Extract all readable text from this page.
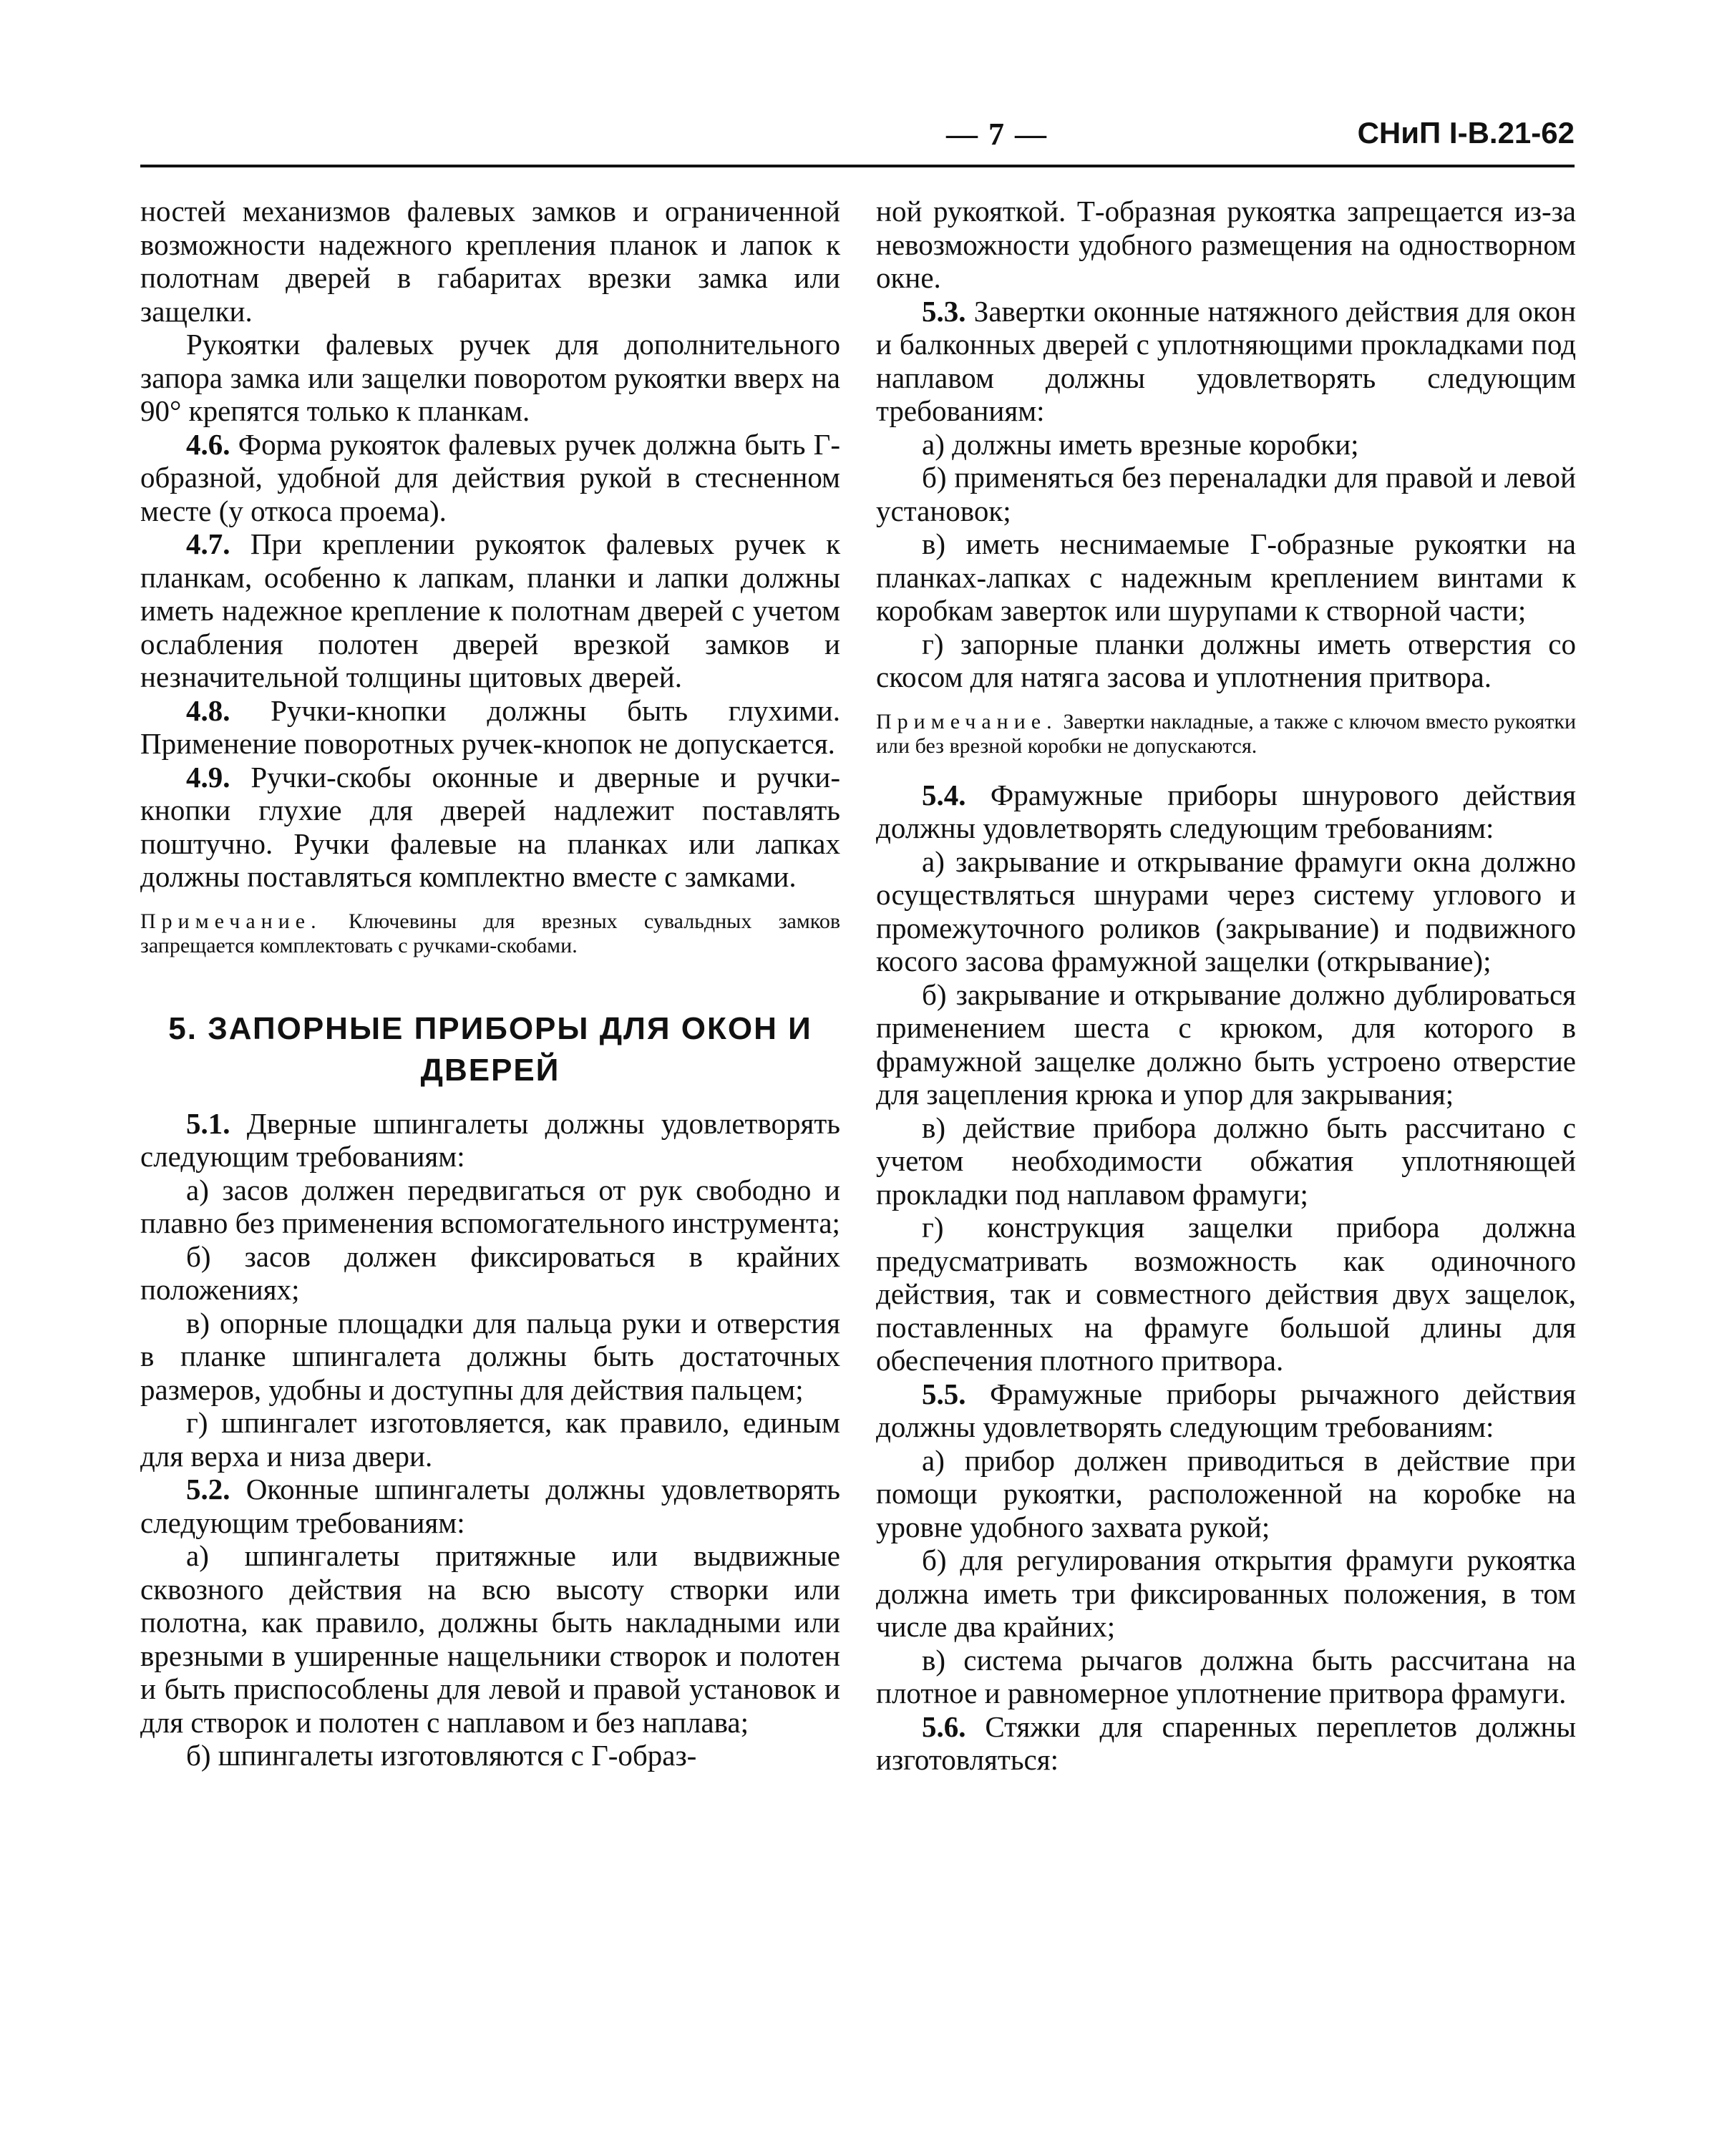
— 7 —	СНиП I-В.21-62

ностей механизмов фалевых замков и ограниченной возможности надежного крепления планок и лапок к полотнам дверей в габаритах врезки замка или защелки.

Рукоятки фалевых ручек для дополнительного запора замка или защелки поворотом рукоятки вверх на 90° крепятся только к планкам.

4.6. Форма рукояток фалевых ручек должна быть Г-образной, удобной для действия рукой в стесненном месте (у откоса проема).

4.7. При креплении рукояток фалевых ручек к планкам, особенно к лапкам, планки и лапки должны иметь надежное крепление к полотнам дверей с учетом ослабления полотен дверей врезкой замков и незначительной толщины щитовых дверей.

4.8. Ручки-кнопки должны быть глухими. Применение поворотных ручек-кнопок не допускается.

4.9. Ручки-скобы оконные и дверные и ручки-кнопки глухие для дверей надлежит поставлять поштучно. Ручки фалевые на планках или лапках должны поставляться комплектно вместе с замками.

Примечание. Ключевины для врезных сувальдных замков запрещается комплектовать с ручками-скобами.

5. ЗАПОРНЫЕ ПРИБОРЫ ДЛЯ ОКОН И ДВЕРЕЙ

5.1. Дверные шпингалеты должны удовлетворять следующим требованиям:

а) засов должен передвигаться от рук свободно и плавно без применения вспомогательного инструмента;

б) засов должен фиксироваться в крайних положениях;

в) опорные площадки для пальца руки и отверстия в планке шпингалета должны быть достаточных размеров, удобны и доступны для действия пальцем;

г) шпингалет изготовляется, как правило, единым для верха и низа двери.

5.2. Оконные шпингалеты должны удовлетворять следующим требованиям:

а) шпингалеты притяжные или выдвижные сквозного действия на всю высоту створки или полотна, как правило, должны быть накладными или врезными в уширенные нащельники створок и полотен и быть приспособлены для левой и правой установок и для створок и полотен с наплавом и без наплава;

б) шпингалеты изготовляются с Г-образ-

ной рукояткой. Т-образная рукоятка запрещается из-за невозможности удобного размещения на одностворном окне.

5.3. Завертки оконные натяжного действия для окон и балконных дверей с уплотняющими прокладками под наплавом должны удовлетворять следующим требованиям:

а) должны иметь врезные коробки;

б) применяться без переналадки для правой и левой установок;

в) иметь неснимаемые Г-образные рукоятки на планках-лапках с надежным креплением винтами к коробкам заверток или шурупами к створной части;

г) запорные планки должны иметь отверстия со скосом для натяга засова и уплотнения притвора.

Примечание. Завертки накладные, а также с ключом вместо рукоятки или без врезной коробки не допускаются.

5.4. Фрамужные приборы шнурового действия должны удовлетворять следующим требованиям:

а) закрывание и открывание фрамуги окна должно осуществляться шнурами через систему углового и промежуточного роликов (закрывание) и подвижного косого засова фрамужной защелки (открывание);

б) закрывание и открывание должно дублироваться применением шеста с крюком, для которого в фрамужной защелке должно быть устроено отверстие для зацепления крюка и упор для закрывания;

в) действие прибора должно быть рассчитано с учетом необходимости обжатия уплотняющей прокладки под наплавом фрамуги;

г) конструкция защелки прибора должна предусматривать возможность как одиночного действия, так и совместного действия двух защелок, поставленных на фрамуге большой длины для обеспечения плотного притвора.

5.5. Фрамужные приборы рычажного действия должны удовлетворять следующим требованиям:

а) прибор должен приводиться в действие при помощи рукоятки, расположенной на коробке на уровне удобного захвата рукой;

б) для регулирования открытия фрамуги рукоятка должна иметь три фиксированных положения, в том числе два крайних;

в) система рычагов должна быть рассчитана на плотное и равномерное уплотнение притвора фрамуги.

5.6. Стяжки для спаренных переплетов должны изготовляться:
